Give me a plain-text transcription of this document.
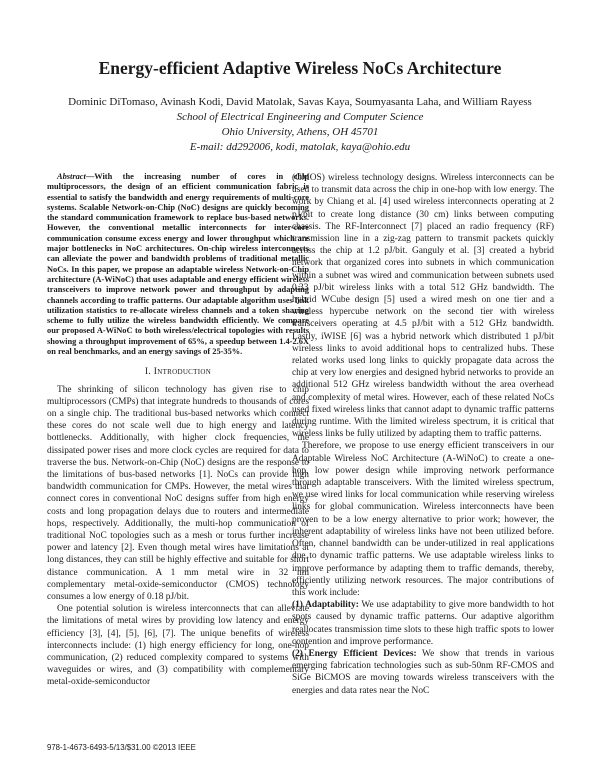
Energy-efficient Adaptive Wireless NoCs Architecture
Dominic DiTomaso, Avinash Kodi, David Matolak, Savas Kaya, Soumyasanta Laha, and William Rayess
School of Electrical Engineering and Computer Science
Ohio University, Athens, OH 45701
E-mail: dd292006, kodi, matolak, kaya@ohio.edu

Abstract—With the increasing number of cores in chip multiprocessors, the design of an efficient communication fabric is essential to satisfy the bandwidth and energy requirements of multi-core systems. Scalable Network-on-Chip (NoC) designs are quickly becoming the standard communication framework to replace bus-based networks. However, the conventional metallic interconnects for inter-core communication consume excess energy and lower throughput which are major bottlenecks in NoC architectures. On-chip wireless interconnects can alleviate the power and bandwidth problems of traditional metallic NoCs. In this paper, we propose an adaptable wireless Network-on-Chip architecture (A-WiNoC) that uses adaptable and energy efficient wireless transceivers to improve network power and throughput by adapting channels according to traffic patterns. Our adaptable algorithm uses link utilization statistics to re-allocate wireless channels and a token sharing scheme to fully utilize the wireless bandwidth efficiently. We compare our proposed A-WiNoC to both wireless/electrical topologies with results showing a throughput improvement of 65%, a speedup between 1.4-2.6X on real benchmarks, and an energy savings of 25-35%.

I. Introduction

The shrinking of silicon technology has given rise to chip multiprocessors (CMPs) that integrate hundreds to thousands of cores on a single chip. The traditional bus-based networks which connect these cores do not scale well due to high energy and latency bottlenecks. Additionally, with higher clock frequencies, the dissipated power rises and more clock cycles are required for data to traverse the bus. Network-on-Chip (NoC) designs are the response to the limitations of bus-based networks [1]. NoCs can provide high bandwidth communication for CMPs. However, the metal wires that connect cores in conventional NoC designs suffer from high energy costs and long propagation delays due to routers and intermediate hops, respectively. Additionally, the multi-hop communication of traditional NoC topologies such as a mesh or torus further increase power and latency [2]. Even though metal wires have limitations at long distances, they can still be highly effective and suitable for short distance communication. A 1 mm metal wire in 32 nm complementary metal-oxide-semiconductor (CMOS) technology consumes a low energy of 0.18 pJ/bit.

One potential solution is wireless interconnects that can alleviate the limitations of metal wires by providing low latency and energy efficiency [3], [4], [5], [6], [7]. The unique benefits of wireless interconnects include: (1) high energy efficiency for long, one-hop communication, (2) reduced complexity compared to systems with waveguides or wires, and (3) compatibility with complementary metal-oxide-semiconductor

(CMOS) wireless technology designs. Wireless interconnects can be used to transmit data across the chip in one-hop with low energy. The work by Chiang et al. [4] used wireless interconnects operating at 2 pJ/bit to create long distance (30 cm) links between computing chassis. The RF-Interconnect [7] placed an radio frequency (RF) transmission line in a zig-zag pattern to transmit packets quickly across the chip at 1.2 pJ/bit. Ganguly et al. [3] created a hybrid network that organized cores into subnets in which communication within a subnet was wired and communication between subnets used 0.33 pJ/bit wireless links with a total 512 GHz bandwidth. The hybrid WCube design [5] used a wired mesh on one tier and a wireless hypercube network on the second tier with wireless transceivers operating at 4.5 pJ/bit with a 512 GHz bandwidth. Lastly, iWISE [6] was a hybrid network which distributed 1 pJ/bit wireless links to avoid additional hops to centralized hubs. These related works used long links to quickly propagate data across the chip at very low energies and designed hybrid networks to provide an additional 512 GHz wireless bandwidth without the area overhead and complexity of metal wires. However, each of these related NoCs used fixed wireless links that cannot adapt to dynamic traffic patterns during runtime. With the limited wireless spectrum, it is critical that wireless links be fully utilized by adapting them to traffic patterns.

Therefore, we propose to use energy efficient transceivers in our Adaptable Wireless NoC Architecture (A-WiNoC) to create a one-hop, low power design while improving network performance through adaptable transceivers. With the limited wireless spectrum, we use wired links for local communication while reserving wireless links for global communication. Wireless interconnects have been proven to be a low energy alternative to prior work; however, the inherent adaptability of wireless links have not been utilized before. Often, channel bandwidth can be under-utilized in real applications due to dynamic traffic patterns. We use adaptable wireless links to improve performance by adapting them to traffic demands, thereby, efficiently utilizing network resources. The major contributions of this work include:

(1) Adaptability: We use adaptability to give more bandwidth to hot spots caused by dynamic traffic patterns. Our adaptive algorithm reallocates transmission time slots to these high traffic spots to lower contention and improve performance.

(2) Energy Efficient Devices: We show that trends in various emerging fabrication technologies such as sub-50nm RF-CMOS and SiGe BiCMOS are moving towards wireless transceivers with the energies and data rates near the NoC

978-1-4673-6493-5/13/$31.00 ©2013 IEEE
